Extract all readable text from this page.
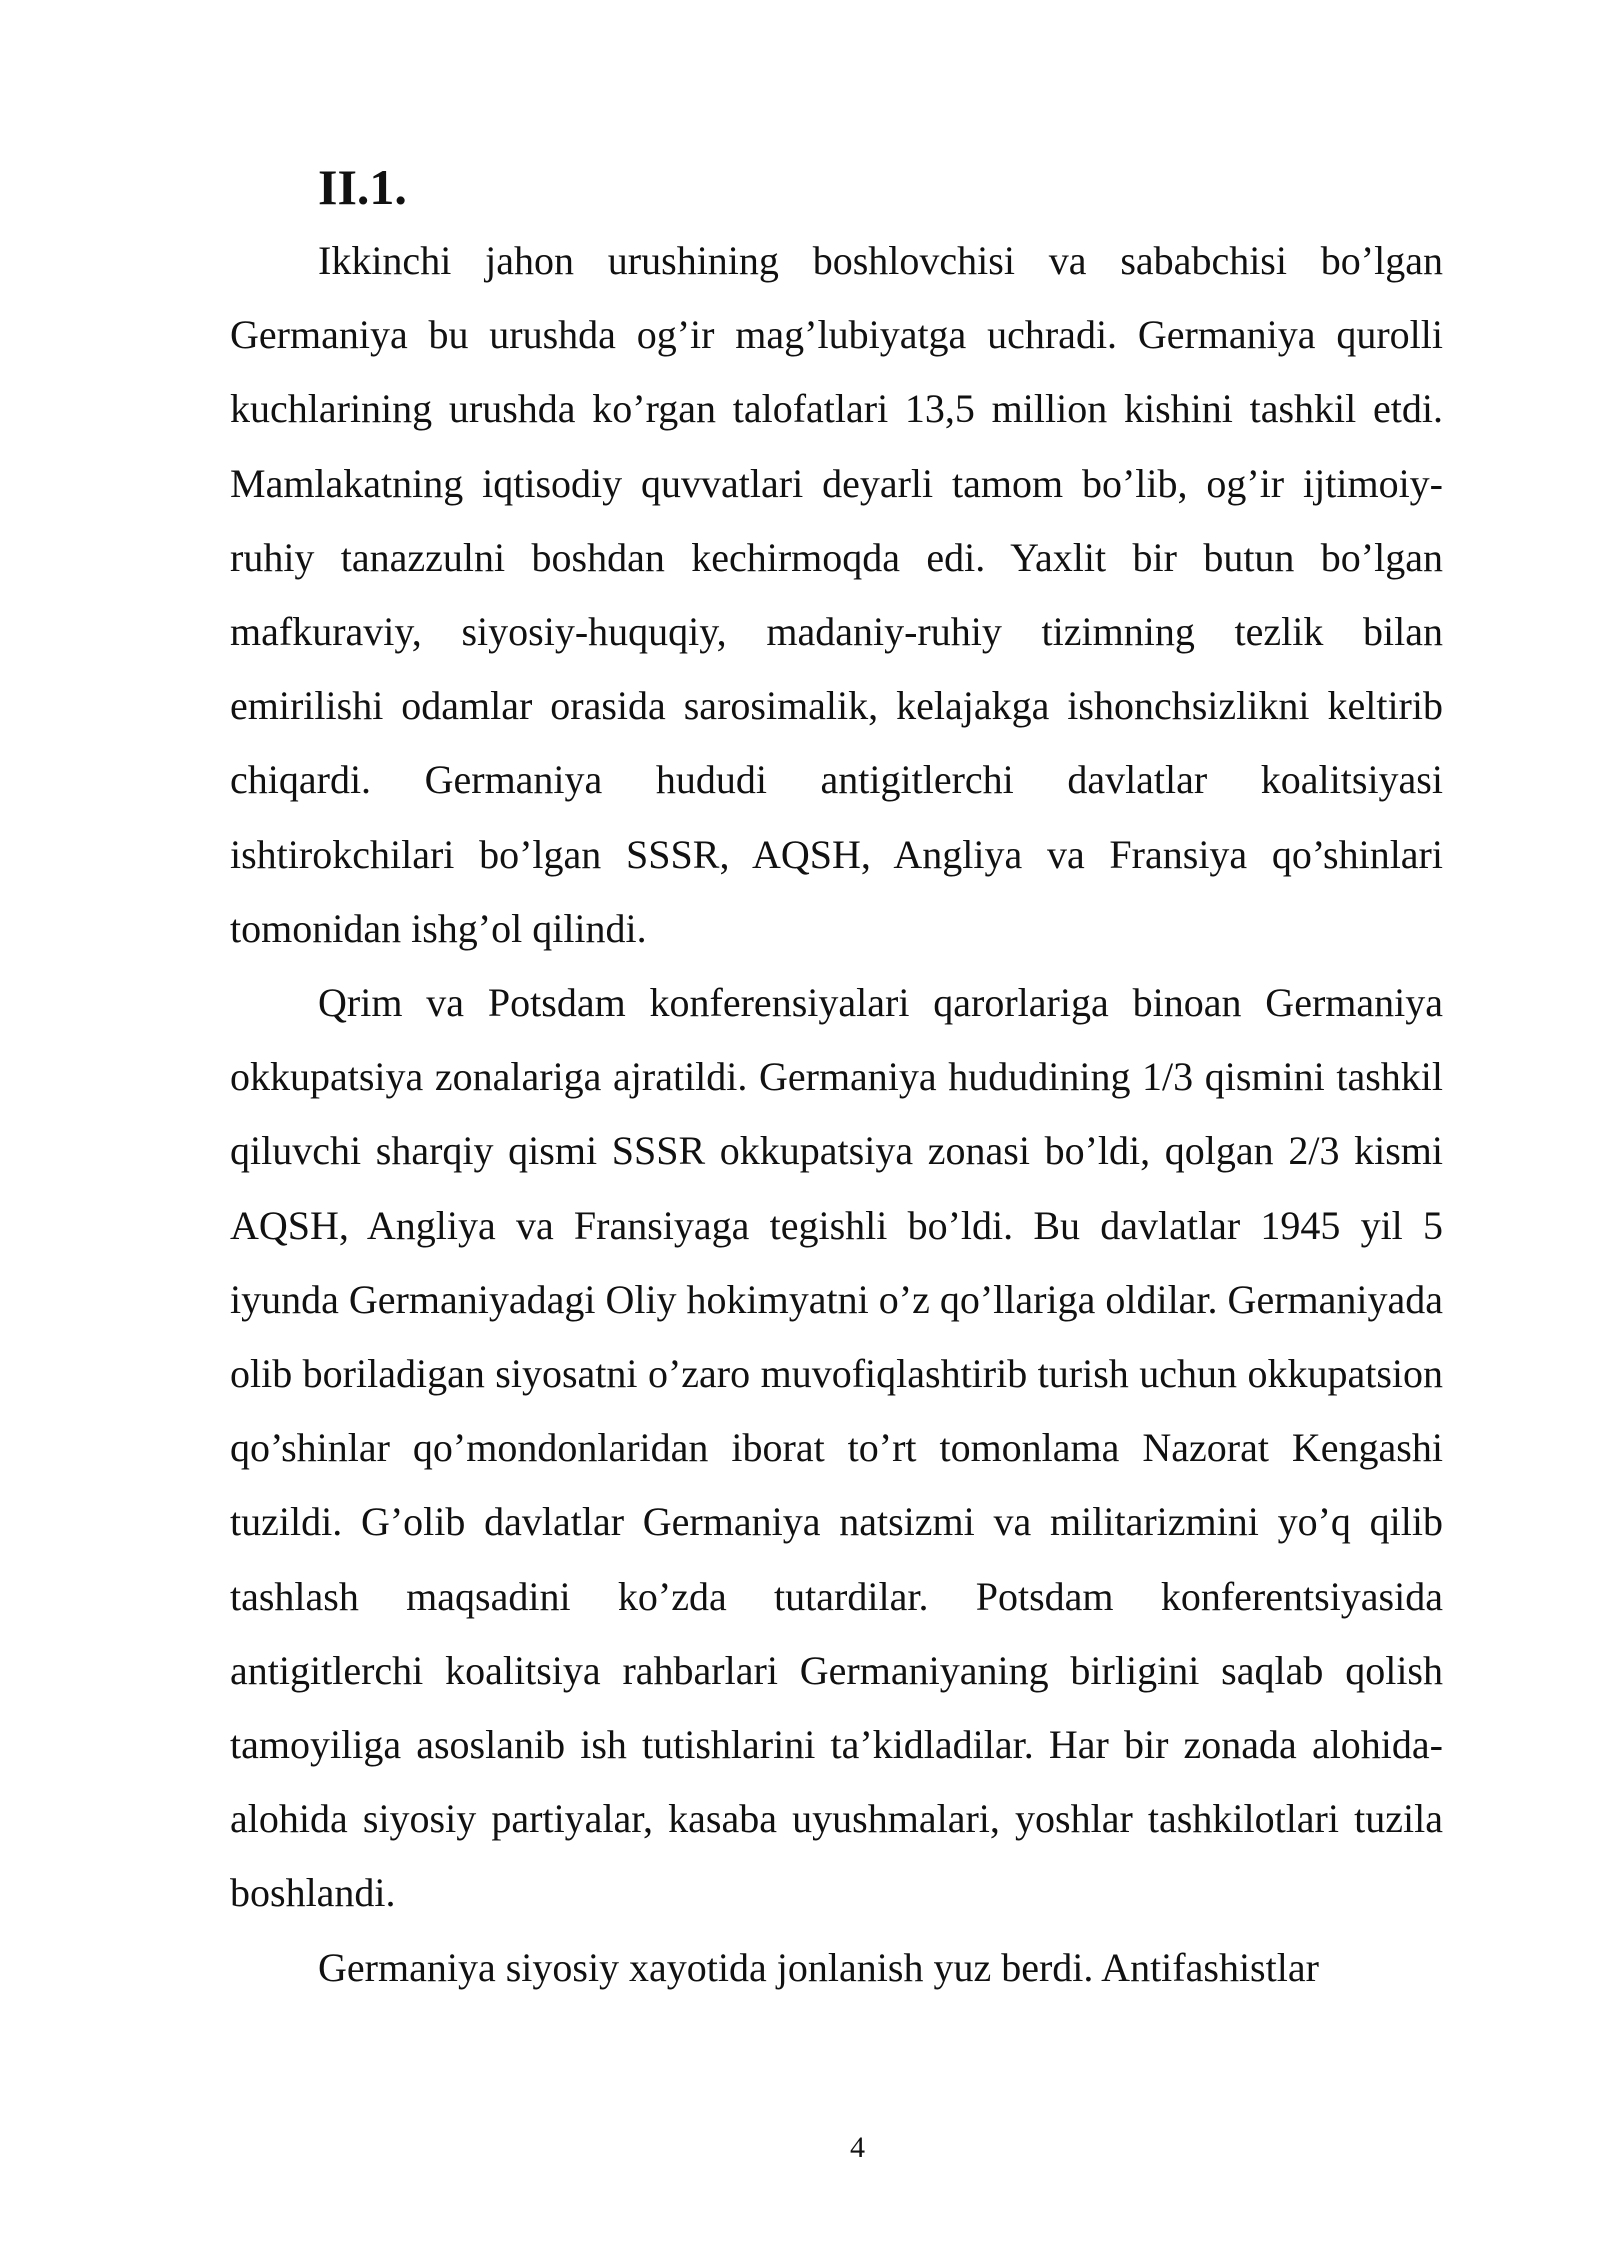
II.1.

Ikkinchi jahon urushining boshlovchisi va sababchisi bo’lgan Germaniya bu urushda og’ir mag’lubiyatga uchradi. Germaniya qurolli kuchlarining urushda ko’rgan talofatlari 13,5 million kishini tashkil etdi. Mamlakatning iqtisodiy quvvatlari deyarli tamom bo’lib, og’ir ijtimoiy-ruhiy tanazzulni boshdan kechirmoqda edi. Yaxlit bir butun bo’lgan mafkuraviy, siyosiy-huquqiy, madaniy-ruhiy tizimning tezlik bilan emirilishi odamlar orasida sarosimalik, kelajakga ishonchsizlikni keltirib chiqardi. Germaniya hududi antigitlerchi davlatlar koalitsiyasi ishtirokchilari bo’lgan SSSR, AQSH, Angliya va Fransiya qo’shinlari tomonidan ishg’ol qilindi.

Qrim va Potsdam konferensiyalari qarorlariga binoan Germaniya okkupatsiya zonalariga ajratildi. Germaniya hududining 1/3 qismini tashkil qiluvchi sharqiy qismi SSSR okkupatsiya zonasi bo’ldi, qolgan 2/3 kismi AQSH, Angliya va Fransiyaga tegishli bo’ldi. Bu davlatlar 1945 yil 5 iyunda Germaniyadagi Oliy hokimyatni o’z qo’llariga oldilar. Germaniyada olib boriladigan siyosatni o’zaro muvofiqlashtirib turish uchun okkupatsion qo’shinlar qo’mondonlaridan iborat to’rt tomonlama Nazorat Kengashi tuzildi. G’olib davlatlar Germaniya natsizmi va militarizmini yo’q qilib tashlash maqsadini ko’zda tutardilar. Potsdam konferentsiyasida antigitlerchi koalitsiya rahbarlari Germaniyaning birligini saqlab qolish tamoyiliga asoslanib ish tutishlarini ta’kidladilar. Har bir zonada alohida-alohida siyosiy partiyalar, kasaba uyushmalari, yoshlar tashkilotlari tuzila boshlandi.

Germaniya siyosiy xayotida jonlanish yuz berdi. Antifashistlar

4
